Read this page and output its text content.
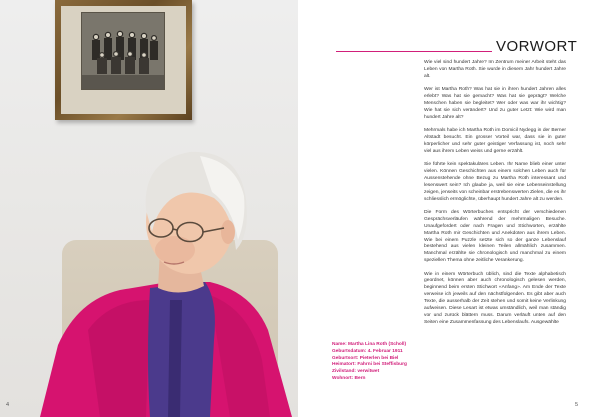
4
VORWORT

Wie viel sind hundert Jahre? Im Zentrum meiner Arbeit steht das Leben von Martha Roth. Sie wurde in diesem Jahr hundert Jahre alt.

Wer ist Martha Roth? Was hat sie in ihren hundert Jahren alles erlebt? Was hat sie gemacht? Was hat sie geprägt? Welche Menschen haben sie begleitet? Wer oder was war ihr wichtig? Wie hat sie sich verändert? Und zu guter Letzt: Wie wird man hundert Jahre alt?

Mehrmals habe ich Martha Roth im Domicil Nydegg in der Berner Altstadt besucht. Ein grosser Vorteil war, dass sie in guter körperlicher und sehr guter geistiger Verfassung ist, noch sehr viel aus ihrem Leben weiss und gerne erzählt.

Sie führte kein spektakuläres Leben. Ihr Name blieb einer unter vielen. Können Geschichten aus einem solchen Leben auch für Aussenstehende ohne Bezug zu Martha Roth interessant und lesenswert sein? Ich glaube ja, weil sie eine Lebenseinstellung zeigen, jenseits von scheinbar erstrebenswerten Zielen, die es ihr schliesslich ermöglichte, überhaupt hundert Jahre alt zu werden.

Die Form des Wörterbuches entspricht der verschiedenen Gesprächsverläufen während der mehrmaligen Besuche. Unaufgefordert oder nach Fragen und Stichworten, erzählte Martha Roth mir Geschichten und Anekdoten aus ihrem Leben. Wie bei einem Puzzle setzte sich so der ganze Lebenslauf bestehend aus vielen kleinen Teilen allmählich zusammen. Manchmal erzählte sie chronologisch und manchmal zu einem speziellen Thema ohne zeitliche Verankerung.

Wie in einem Wörterbuch üblich, sind die Texte alphabetisch geordnet, können aber auch chronologisch gelesen werden, beginnend beim ersten Stichwort «Anfang». Am Ende der Texte verweise ich jeweils auf den nächstfolgenden. Es gibt aber auch Texte, die ausserhalb der Zeit stehen und somit keine Verlinkung aufweisen. Diese Lesart ist etwas umständlich, weil man ständig vor und zurück blättern muss. Darum verläuft unten auf den Seiten eine Zusammenfassung des Lebenslaufs. Ausgewählte

5
Name: Martha Lina Roth (Scholl)
Geburtsdatum: 4. Februar 1911
Geburtsort: Pieterlen bei Biel
Heimatort: Fahrni bei Steffisburg
Zivilstand: verwitwet
Wohnort: Bern
